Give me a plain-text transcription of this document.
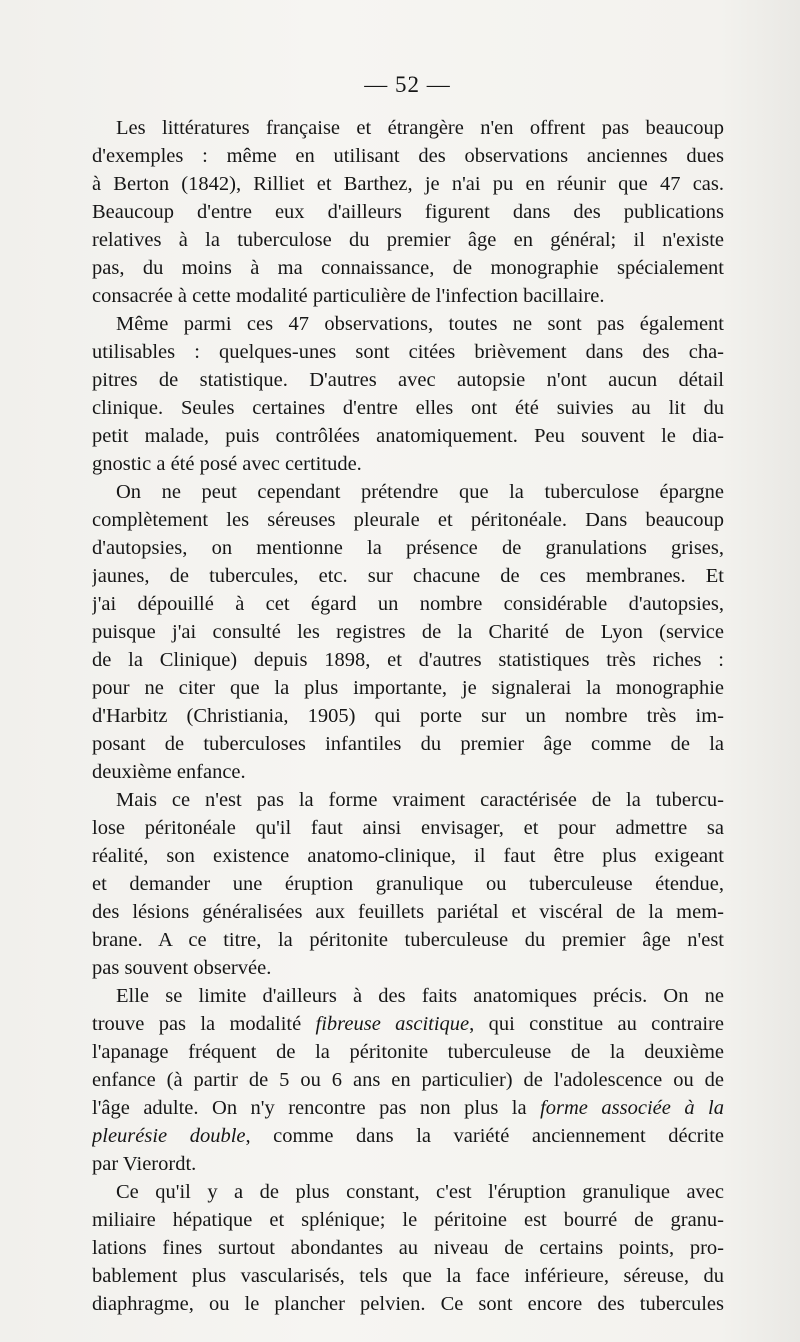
— 52 —
Les littératures française et étrangère n'en offrent pas beaucoup
d'exemples : même en utilisant des observations anciennes dues
à Berton (1842), Rilliet et Barthez, je n'ai pu en réunir que 47 cas.
Beaucoup d'entre eux d'ailleurs figurent dans des publications
relatives à la tuberculose du premier âge en général; il n'existe
pas, du moins à ma connaissance, de monographie spécialement
consacrée à cette modalité particulière de l'infection bacillaire.
Même parmi ces 47 observations, toutes ne sont pas également
utilisables : quelques-unes sont citées brièvement dans des cha-
pitres de statistique. D'autres avec autopsie n'ont aucun détail
clinique. Seules certaines d'entre elles ont été suivies au lit du
petit malade, puis contrôlées anatomiquement. Peu souvent le dia-
gnostic a été posé avec certitude.
On ne peut cependant prétendre que la tuberculose épargne
complètement les séreuses pleurale et péritonéale. Dans beaucoup
d'autopsies, on mentionne la présence de granulations grises,
jaunes, de tubercules, etc. sur chacune de ces membranes. Et
j'ai dépouillé à cet égard un nombre considérable d'autopsies,
puisque j'ai consulté les registres de la Charité de Lyon (service
de la Clinique) depuis 1898, et d'autres statistiques très riches :
pour ne citer que la plus importante, je signalerai la monographie
d'Harbitz (Christiania, 1905) qui porte sur un nombre très im-
posant de tuberculoses infantiles du premier âge comme de la
deuxième enfance.
Mais ce n'est pas la forme vraiment caractérisée de la tubercu-
lose péritonéale qu'il faut ainsi envisager, et pour admettre sa
réalité, son existence anatomo-clinique, il faut être plus exigeant
et demander une éruption granulique ou tuberculeuse étendue,
des lésions généralisées aux feuillets pariétal et viscéral de la mem-
brane. A ce titre, la péritonite tuberculeuse du premier âge n'est
pas souvent observée.
Elle se limite d'ailleurs à des faits anatomiques précis. On ne
trouve pas la modalité fibreuse ascitique, qui constitue au contraire
l'apanage fréquent de la péritonite tuberculeuse de la deuxième
enfance (à partir de 5 ou 6 ans en particulier) de l'adolescence ou de
l'âge adulte. On n'y rencontre pas non plus la forme associée à la
pleurésie double, comme dans la variété anciennement décrite
par Vierordt.
Ce qu'il y a de plus constant, c'est l'éruption granulique avec
miliaire hépatique et splénique; le péritoine est bourré de granu-
lations fines surtout abondantes au niveau de certains points, pro-
bablement plus vascularisés, tels que la face inférieure, séreuse, du
diaphragme, ou le plancher pelvien. Ce sont encore des tubercules
